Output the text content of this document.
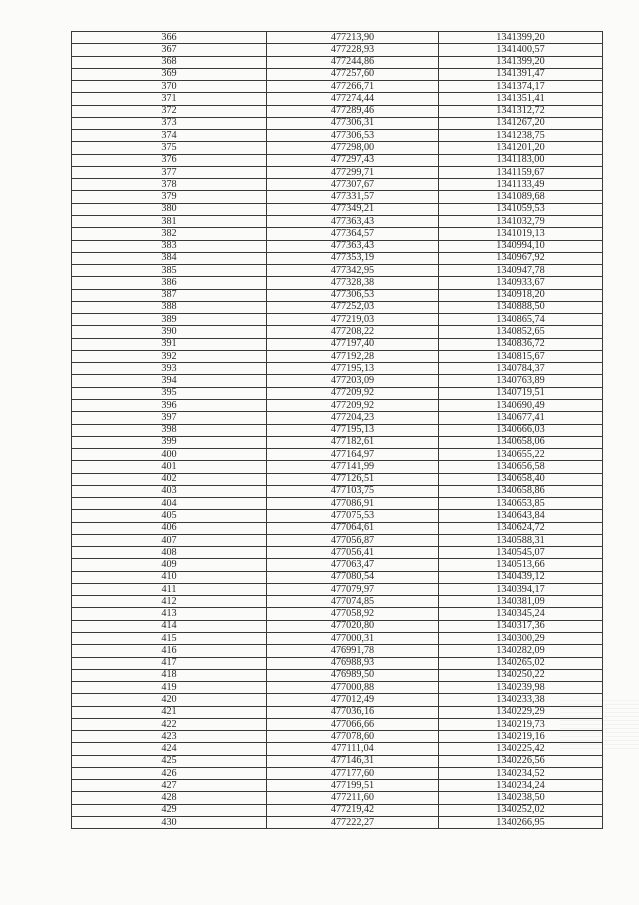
366	477213,90	1341399,20
367	477228,93	1341400,57
368	477244,86	1341399,20
369	477257,60	1341391,47
370	477266,71	1341374,17
371	477274,44	1341351,41
372	477289,46	1341312,72
373	477306,31	1341267,20
374	477306,53	1341238,75
375	477298,00	1341201,20
376	477297,43	1341183,00
377	477299,71	1341159,67
378	477307,67	1341133,49
379	477331,57	1341089,68
380	477349,21	1341059,53
381	477363,43	1341032,79
382	477364,57	1341019,13
383	477363,43	1340994,10
384	477353,19	1340967,92
385	477342,95	1340947,78
386	477328,38	1340933,67
387	477306,53	1340918,20
388	477252,03	1340888,50
389	477219,03	1340865,74
390	477208,22	1340852,65
391	477197,40	1340836,72
392	477192,28	1340815,67
393	477195,13	1340784,37
394	477203,09	1340763,89
395	477209,92	1340719,51
396	477209,92	1340690,49
397	477204,23	1340677,41
398	477195,13	1340666,03
399	477182,61	1340658,06
400	477164,97	1340655,22
401	477141,99	1340656,58
402	477126,51	1340658,40
403	477103,75	1340658,86
404	477086,91	1340653,85
405	477075,53	1340643,84
406	477064,61	1340624,72
407	477056,87	1340588,31
408	477056,41	1340545,07
409	477063,47	1340513,66
410	477080,54	1340439,12
411	477079,97	1340394,17
412	477074,85	1340381,09
413	477058,92	1340345,24
414	477020,80	1340317,36
415	477000,31	1340300,29
416	476991,78	1340282,09
417	476988,93	1340265,02
418	476989,50	1340250,22
419	477000,88	1340239,98
420	477012,49	1340233,38
421	477036,16	1340229,29
422	477066,66	1340219,73
423	477078,60	1340219,16
424	477111,04	1340225,42
425	477146,31	1340226,56
426	477177,60	1340234,52
427	477199,51	1340234,24
428	477211,60	1340238,50
429	477219,42	1340252,02
430	477222,27	1340266,95
